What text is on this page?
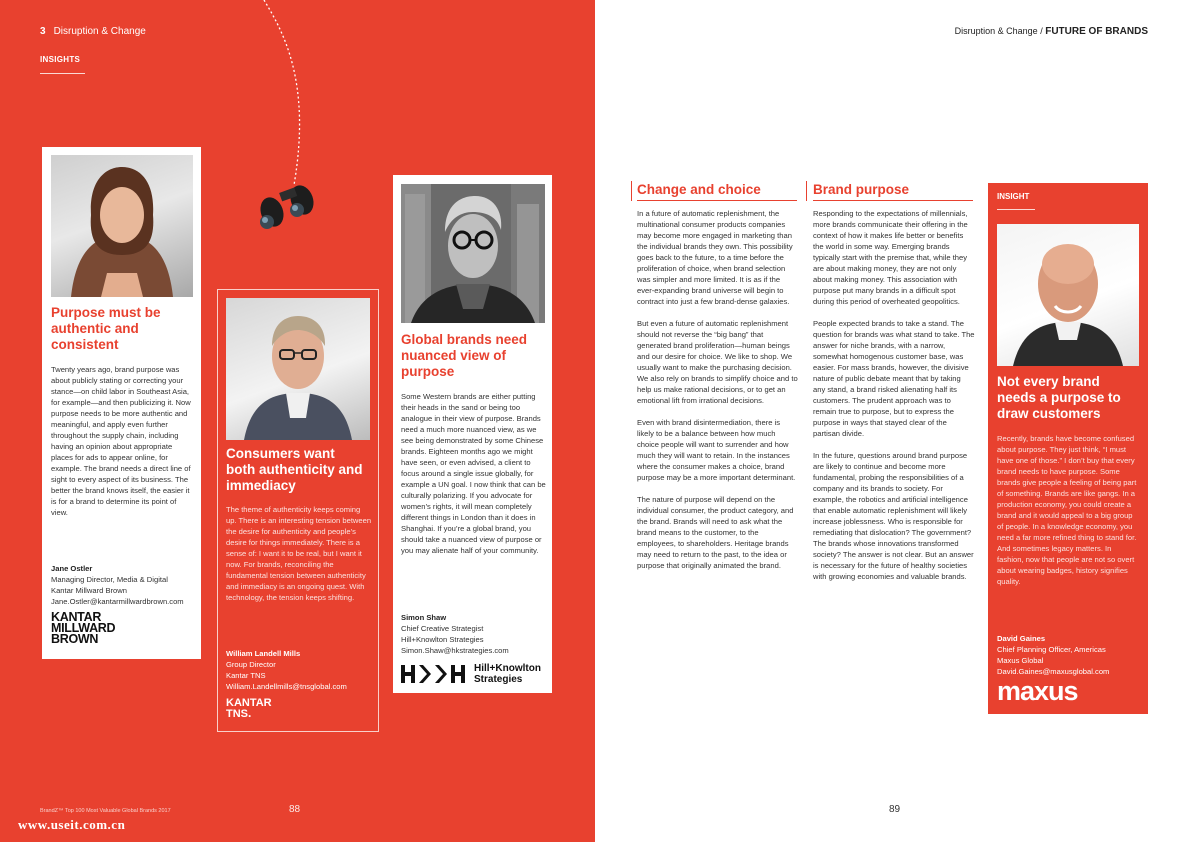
3 Disruption & Change
INSIGHTS
Purpose must be authentic and consistent
Twenty years ago, brand purpose was about publicly stating or correcting your stance—on child labor in Southeast Asia, for example—and then publicizing it. Now purpose needs to be more authentic and meaningful, and apply even further throughout the supply chain, including having an opinion about appropriate places for ads to appear online, for example. The brand needs a direct line of sight to every aspect of its business. The better the brand knows itself, the easier it is for a brand to determine its point of view.
Jane Ostler
Managing Director, Media & Digital
Kantar Millward Brown
Jane.Ostler@kantarmillwardbrown.com
KANTAR
MILLWARD
BROWN
Consumers want both authenticity and immediacy
The theme of authenticity keeps coming up. There is an interesting tension between the desire for authenticity and people’s desire for things immediately. There is a sense of: I want it to be real, but I want it now. For brands, reconciling the fundamental tension between authenticity and immediacy is an ongoing quest. With technology, the tension keeps shifting.
William Landell Mills
Group Director
Kantar TNS
William.Landellmills@tnsglobal.com
KANTAR
TNS.
Global brands need nuanced view of purpose
Some Western brands are either putting their heads in the sand or being too analogue in their view of purpose. Brands need a much more nuanced view, as we see being demonstrated by some Chinese brands. Eighteen months ago we might have seen, or even advised, a client to focus around a single issue globally, for example a UN goal. I now think that can be culturally polarizing. If you advocate for women’s rights, it will mean completely different things in London than it does in Shanghai. If you’re a global brand, you should take a nuanced view of purpose or you may alienate half of your community.
Simon Shaw
Chief Creative Strategist
Hill+Knowlton Strategies
Simon.Shaw@hkstrategies.com
Hill+Knowlton
Strategies
BrandZ™ Top 100 Most Valuable Global Brands 2017	88
www.useit.com.cn
Disruption & Change / FUTURE OF BRANDS
Change and choice

In a future of automatic replenishment, the multinational consumer products companies may become more engaged in marketing than the individual brands they own. This possibility goes back to the future, to a time before the proliferation of choice, when brand selection was simpler and more limited. It is as if the ever-expanding brand universe will begin to contract into just a few brand-dense galaxies.

But even a future of automatic replenishment should not reverse the “big bang” that generated brand proliferation—human beings and our desire for choice. We like to shop. We usually want to make the purchasing decision. We also rely on brands to simplify choice and to help us make rational decisions, or to get an emotional lift from irrational decisions.

Even with brand disintermediation, there is likely to be a balance between how much choice people will want to surrender and how much they will want to retain. In the instances where the consumer makes a choice, brand purpose may be a more important determinant.

The nature of purpose will depend on the individual consumer, the product category, and the brand. Brands will need to ask what the brand means to the customer, to the employees, to shareholders. Heritage brands may need to return to the past, to the idea or purpose that originally animated the brand.

Brand purpose

Responding to the expectations of millennials, more brands communicate their offering in the context of how it makes life better or benefits the world in some way. Emerging brands typically start with the premise that, while they are about making money, they are not only about making money. This association with purpose put many brands in a difficult spot during this period of overheated geopolitics.

People expected brands to take a stand. The question for brands was what stand to take. The answer for niche brands, with a narrow, somewhat homogenous customer base, was easier. For mass brands, however, the divisive nature of public debate meant that by taking any stand, a brand risked alienating half its customers. The prudent approach was to remain true to purpose, but to express the purpose in ways that stayed clear of the partisan divide.

In the future, questions around brand purpose are likely to continue and become more fundamental, probing the responsibilities of a company and its brands to society. For example, the robotics and artificial intelligence that enable automatic replenishment will likely increase joblessness. Who is responsible for remediating that dislocation? The government? The brands whose innovations transformed society? The answer is not clear. But an answer is necessary for the future of healthy societies with growing economies and valuable brands.

INSIGHT
Not every brand needs a purpose to draw customers
Recently, brands have become confused about purpose. They just think, “I must have one of those.” I don’t buy that every brand needs to have purpose. Some brands give people a feeling of being part of something. Brands are like gangs. In a production economy, you could create a brand and it would appeal to a big group of people. In a knowledge economy, you need a far more refined thing to stand for. And sometimes legacy matters. In fashion, now that people are not so overt about wearing badges, history signifies quality.
David Gaines
Chief Planning Officer, Americas
Maxus Global
David.Gaines@maxusglobal.com
maxus
89
